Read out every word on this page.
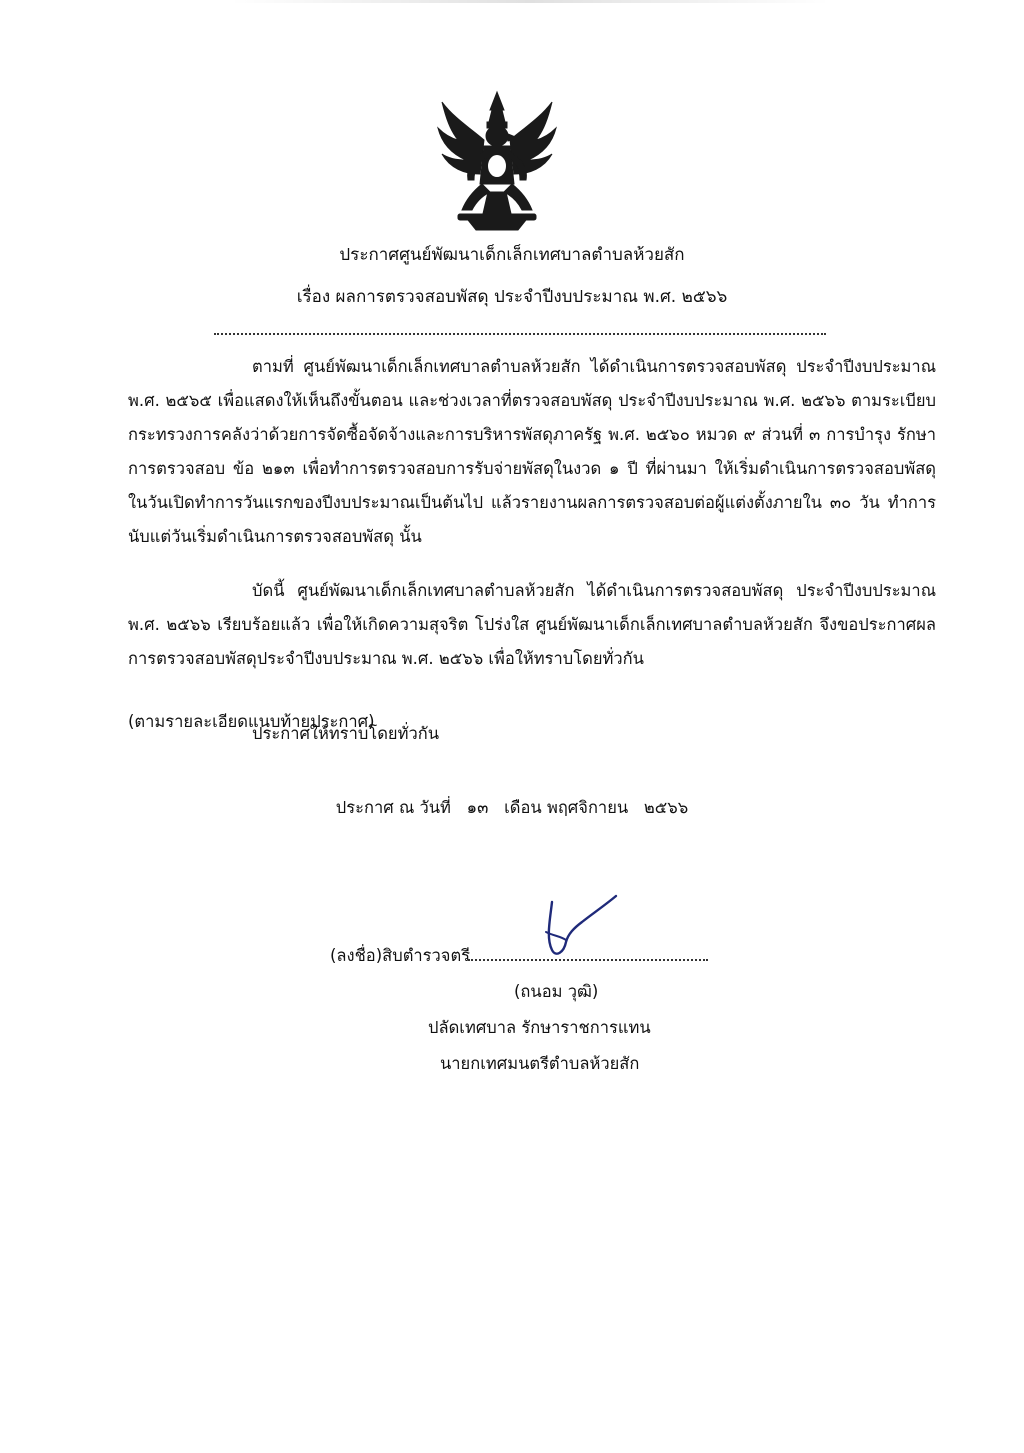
ประกาศศูนย์พัฒนาเด็กเล็กเทศบาลตำบลห้วยสัก
เรื่อง ผลการตรวจสอบพัสดุ ประจำปีงบประมาณ พ.ศ. ๒๕๖๖
ตามที่ ศูนย์พัฒนาเด็กเล็กเทศบาลตำบลห้วยสัก ได้ดำเนินการตรวจสอบพัสดุ ประจำปีงบประมาณ พ.ศ. ๒๕๖๕ เพื่อแสดงให้เห็นถึงขั้นตอน และช่วงเวลาที่ตรวจสอบพัสดุ ประจำปีงบประมาณ พ.ศ. ๒๕๖๖ ตามระเบียบกระทรวงการคลังว่าด้วยการจัดซื้อจัดจ้างและการบริหารพัสดุภาครัฐ พ.ศ. ๒๕๖๐ หมวด ๙ ส่วนที่ ๓ การบำรุง รักษา การตรวจสอบ ข้อ ๒๑๓ เพื่อทำการตรวจสอบการรับจ่ายพัสดุในงวด ๑ ปี ที่ผ่านมา ให้เริ่มดำเนินการตรวจสอบพัสดุในวันเปิดทำการวันแรกของปีงบประมาณเป็นต้นไป แล้วรายงานผลการตรวจสอบต่อผู้แต่งตั้งภายใน ๓๐ วัน ทำการ นับแต่วันเริ่มดำเนินการตรวจสอบพัสดุ นั้น
บัดนี้ ศูนย์พัฒนาเด็กเล็กเทศบาลตำบลห้วยสัก ได้ดำเนินการตรวจสอบพัสดุ ประจำปีงบประมาณ พ.ศ. ๒๕๖๖ เรียบร้อยแล้ว เพื่อให้เกิดความสุจริต โปร่งใส ศูนย์พัฒนาเด็กเล็กเทศบาลตำบลห้วยสัก จึงขอประกาศผลการตรวจสอบพัสดุประจำปีงบประมาณ พ.ศ. ๒๕๖๖ เพื่อให้ทราบโดยทั่วกัน
(ตามรายละเอียดแนบท้ายประกาศ)
ประกาศให้ทราบโดยทั่วกัน
ประกาศ ณ วันที่   ๑๓   เดือน พฤศจิกายน   ๒๕๖๖
(ลงชื่อ)สิบตำรวจตรี
(ถนอม วุฒิ)
ปลัดเทศบาล รักษาราชการแทน
นายกเทศมนตรีตำบลห้วยสัก
